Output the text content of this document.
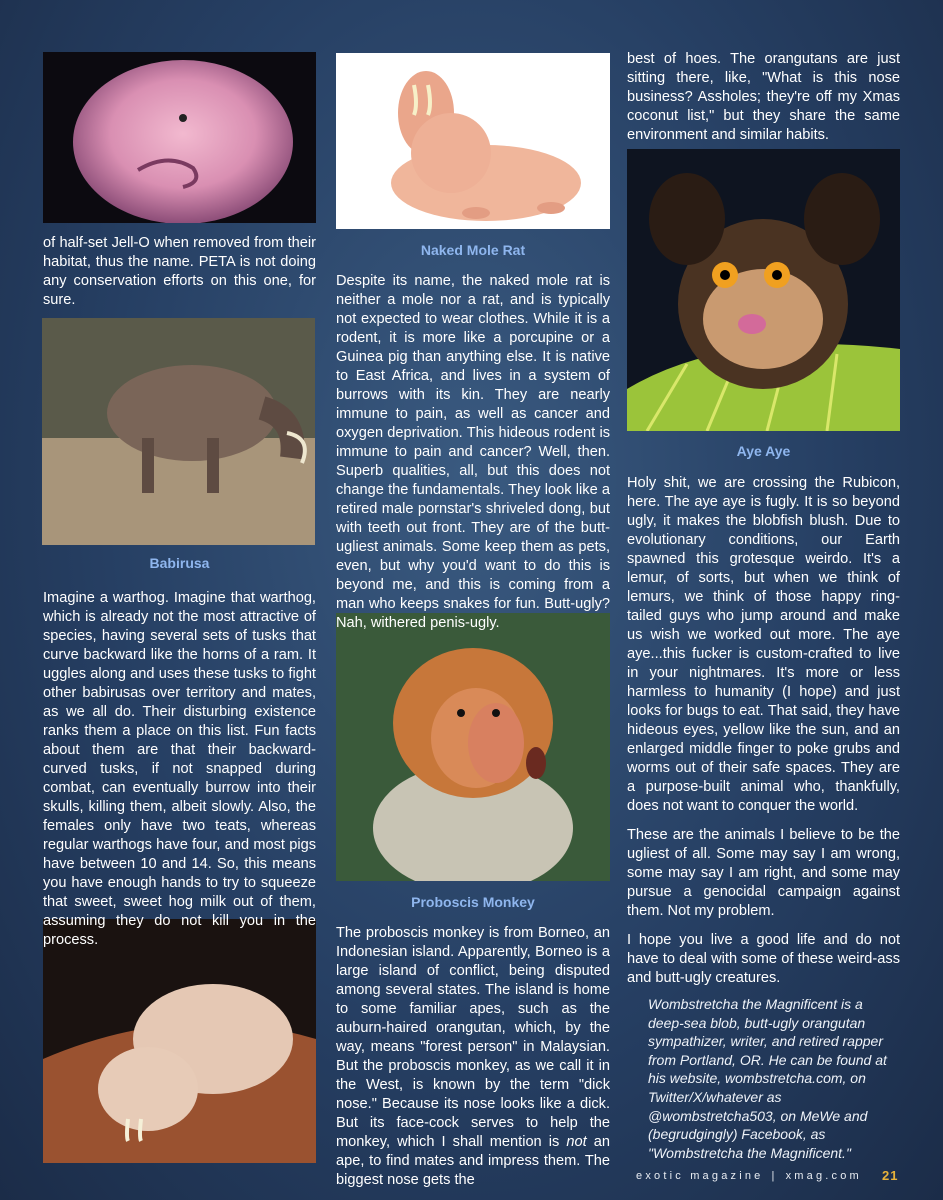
of half-set Jell-O when removed from their habitat, thus the name. PETA is not doing any conservation efforts on this one, for sure.

Babirusa

Imagine a warthog. Imagine that warthog, which is already not the most attractive of species, having several sets of tusks that curve backward like the horns of a ram. It uggles along and uses these tusks to fight other babirusas over territory and mates, as we all do. Their disturbing existence ranks them a place on this list. Fun facts about them are that their backward-curved tusks, if not snapped during combat, can eventually burrow into their skulls, killing them, albeit slowly. Also, the females only have two teats, whereas regular warthogs have four, and most pigs have between 10 and 14. So, this means you have enough hands to try to squeeze that sweet, sweet hog milk out of them, assuming they do not kill you in the process.

Naked Mole Rat

Despite its name, the naked mole rat is neither a mole nor a rat, and is typically not expected to wear clothes. While it is a rodent, it is more like a porcupine or a Guinea pig than anything else. It is native to East Africa, and lives in a system of burrows with its kin. They are nearly immune to pain, as well as cancer and oxygen deprivation. This hideous rodent is immune to pain and cancer? Well, then. Superb qualities, all, but this does not change the fundamentals. They look like a retired male pornstar's shriveled dong, but with teeth out front. They are of the butt-ugliest animals. Some keep them as pets, even, but why you'd want to do this is beyond me, and this is coming from a man who keeps snakes for fun. Butt-ugly? Nah, withered penis-ugly.

Proboscis Monkey

The proboscis monkey is from Borneo, an Indonesian island. Apparently, Borneo is a large island of conflict, being disputed among several states. The island is home to some familiar apes, such as the auburn-haired orangutan, which, by the way, means "forest person" in Malaysian. But the proboscis monkey, as we call it in the West, is known by the term "dick nose." Because its nose looks like a dick. But its face-cock serves to help the monkey, which I shall mention is not an ape, to find mates and impress them. The biggest nose gets the

best of hoes. The orangutans are just sitting there, like, "What is this nose business? Assholes; they're off my Xmas coconut list," but they share the same environment and similar habits.

Aye Aye

Holy shit, we are crossing the Rubicon, here. The aye aye is fugly. It is so beyond ugly, it makes the blobfish blush. Due to evolutionary conditions, our Earth spawned this grotesque weirdo. It's a lemur, of sorts, but when we think of lemurs, we think of those happy ring-tailed guys who jump around and make us wish we worked out more. The aye aye...this fucker is custom-crafted to live in your nightmares. It's more or less harmless to humanity (I hope) and just looks for bugs to eat. That said, they have hideous eyes, yellow like the sun, and an enlarged middle finger to poke grubs and worms out of their safe spaces. They are a purpose-built animal who, thankfully, does not want to conquer the world.

These are the animals I believe to be the ugliest of all. Some may say I am wrong, some may say I am right, and some may pursue a genocidal campaign against them. Not my problem.

I hope you live a good life and do not have to deal with some of these weird-ass and butt-ugly creatures.

Wombstretcha the Magnificent is a deep-sea blob, butt-ugly orangutan sympathizer, writer, and retired rapper from Portland, OR. He can be found at his website, wombstretcha.com, on Twitter/X/whatever as @wombstretcha503, on MeWe and (begrudgingly) Facebook, as "Wombstretcha the Magnificent."
exotic magazine | xmag.com 21
